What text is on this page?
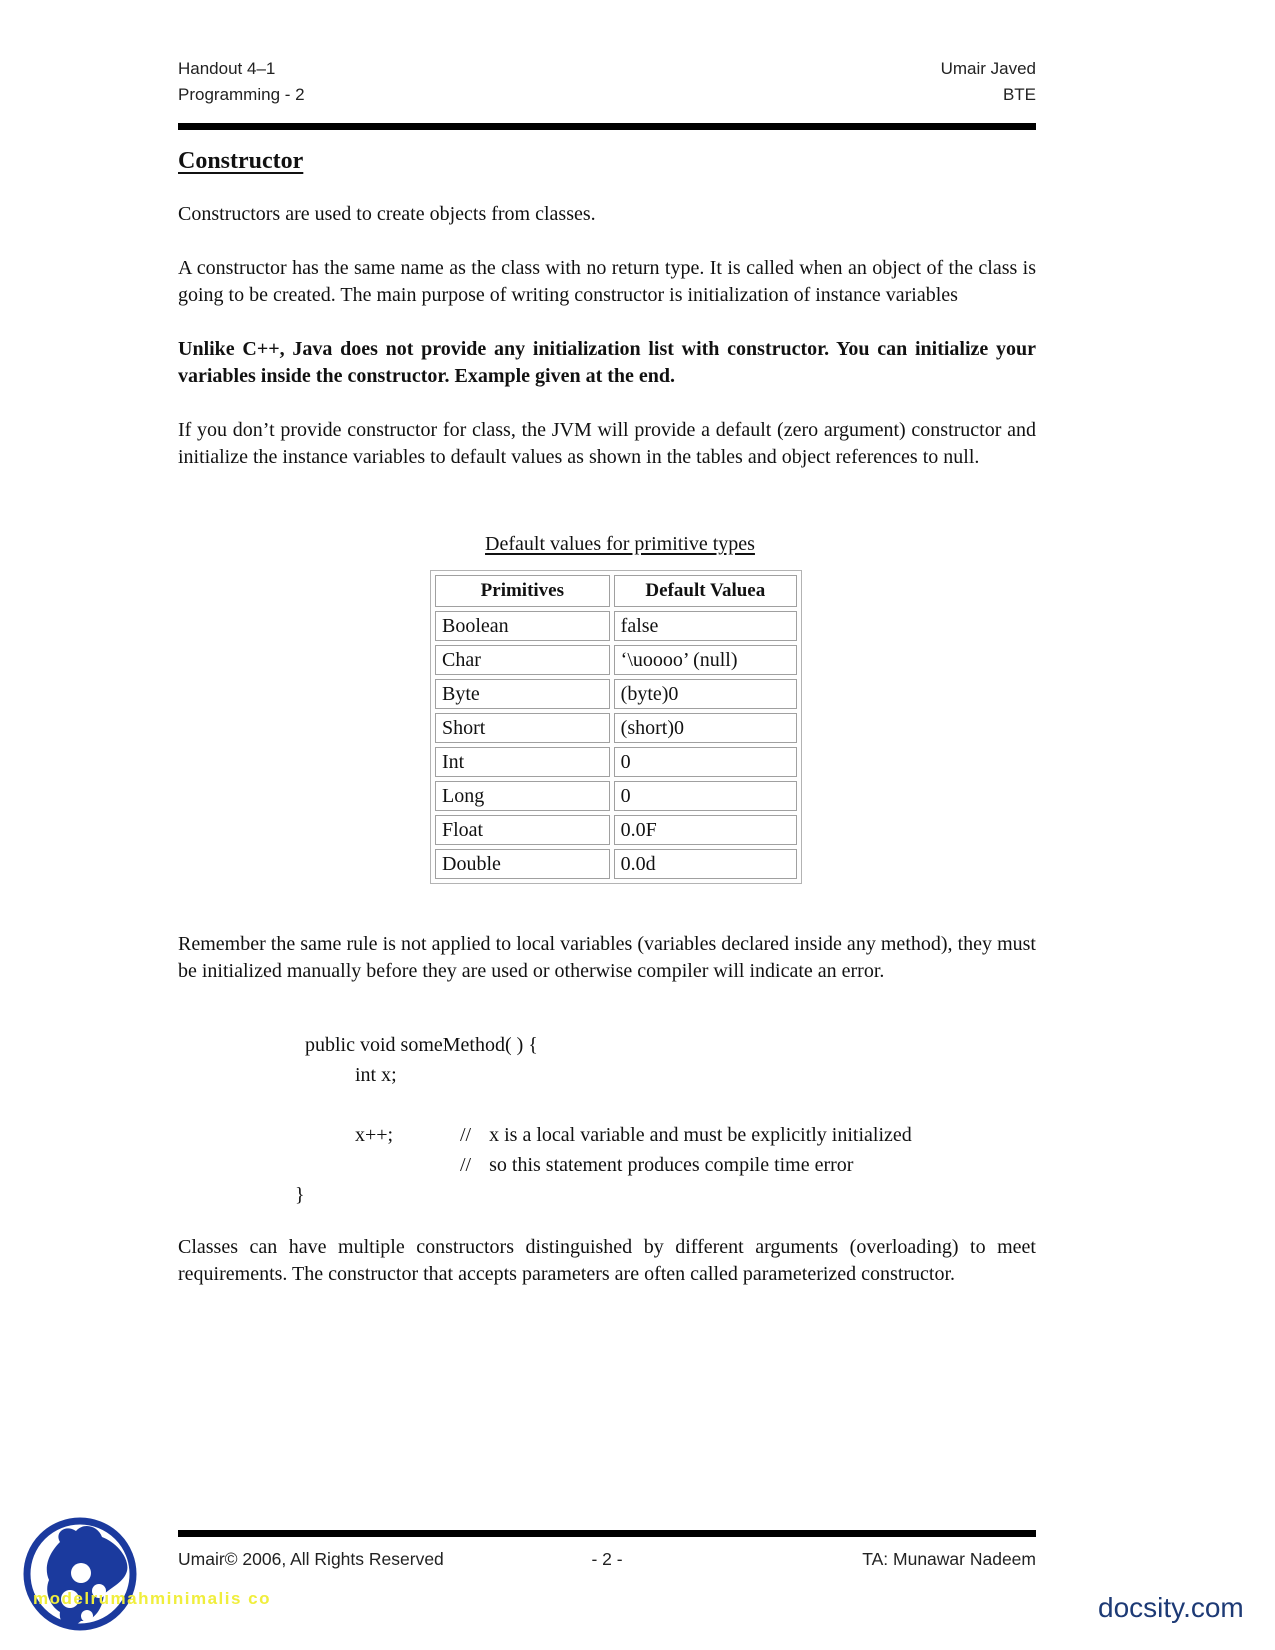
Handout 4–1
Programming - 2
Umair Javed
BTE
Constructor

Constructors are used to create objects from classes.

A constructor has the same name as the class with no return type. It is called when an object of the class is going to be created. The main purpose of writing constructor is initialization of instance variables

Unlike C++, Java does not provide any initialization list with constructor. You can initialize your variables inside the constructor. Example given at the end.

If you don’t provide constructor for class, the JVM will provide a default (zero argument) constructor and initialize the instance variables to default values as shown in the tables and object references to null.

Default values for primitive types
Primitives	Default Valuea
Boolean	false
Char	‘\uoooo’ (null)
Byte	(byte)0
Short	(short)0
Int	0
Long	0
Float	0.0F
Double	0.0d

Remember the same rule is not applied to local variables (variables declared inside any method), they must be initialized manually before they are used or otherwise compiler will indicate an error.

public void someMethod( ) {
int x;
x++;	// x is a local variable and must be explicitly initialized
// so this statement produces compile time error
}

Classes can have multiple constructors distinguished by different arguments (overloading) to meet requirements. The constructor that accepts parameters are often called parameterized constructor.

Umair© 2006, All Rights Reserved	- 2 -	TA: Munawar Nadeem
modelrumahminimalis co	docsity.com
